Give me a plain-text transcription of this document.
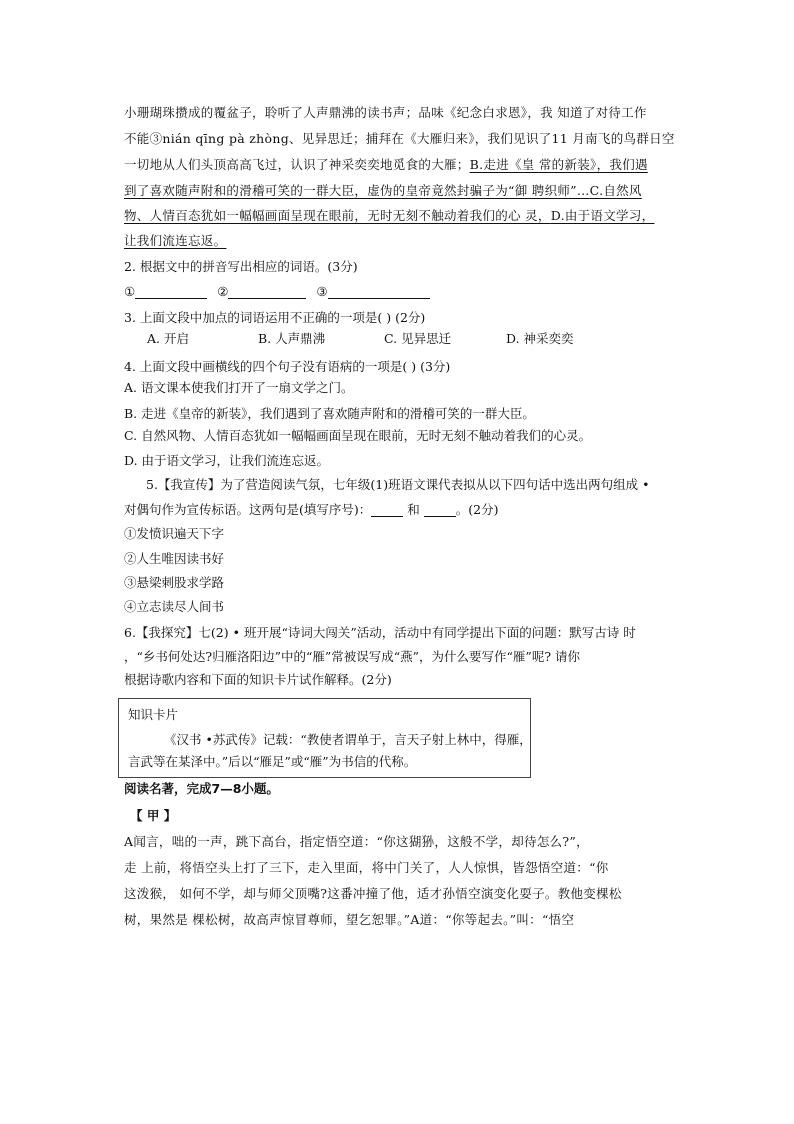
小珊瑚珠攒成的覆盆子，聆听了人声鼎沸的读书声；品味《纪念白求恩》，我 知道了对待工作
不能③nián qīng pà zhòng、见异思迁；捕拜在《大雁归来》，我们见识了11 月南飞的鸟群日空
一切地从人们头顶高高飞过，认识了神采奕奕地觅食的大雁；B.走进《皇 常的新装》，我们遇
到了喜欢随声附和的滑稽可笑的一群大臣，虚伪的皇帝竟然封骗子为“御 聘织师”…C.自然风
物、人情百态犹如一幅幅画面呈现在眼前，无时无刻不触动着我们的心 灵，D.由于语文学习，
让我们流连忘返。
2. 根据文中的拼音写出相应的词语。(3分)
①	②	③
3. 上面文段中加点的词语运用不正确的一项是( ) (2分)
A. 开启	B. 人声鼎沸	C. 见异思迁	D. 神采奕奕
4. 上面文段中画横线的四个句子没有语病的一项是( ) (3分)
A. 语文课本使我们打开了一扇文学之门。
B. 走进《皇帝的新装》，我们遇到了喜欢随声附和的滑稽可笑的一群大臣。
C. 自然风物、人情百态犹如一幅幅画面呈现在眼前，无时无刻不触动着我们的心灵。
D. 由于语文学习，让我们流连忘返。
5.【我宣传】为了营造阅读气氛，七年级(1)班语文课代表拟从以下四句话中选出两句组成 •
对偶句作为宣传标语。这两句是(填写序号)：	和	。(2分)
①发愤识遍天下字
②人生唯因读书好
③悬梁刺股求学路
④立志读尽人间书
6.【我探究】七(2) • 班开展“诗词大闯关”活动，活动中有同学提出下面的问题：默写古诗 时
，“乡书何处达?归雁洛阳边”中的“雁”常被误写成“燕”，为什么要写作“雁”呢? 请你
根据诗歌内容和下面的知识卡片试作解释。(2分)
知识卡片
《汉书 •苏武传》记载：“教使者谓单于，言天子射上林中，得雁，
言武等在某泽中。”后以“雁足”或“雁”为书信的代称。
阅读名著，完成7—8小题。
【 甲 】
A闻言，咄的一声，跳下高台，指定悟空道：“你这猢狲，这般不学，却待怎么?”，
走 上前，将悟空头上打了三下，走入里面，将中门关了，人人惊惧，皆怨悟空道：“你
这泼猴， 如何不学，却与师父顶嘴?这番冲撞了他，适才孙悟空演变化耍子。教他变棵松
树，果然是 棵松树，故高声惊冒尊师，望乞恕罪。”A道：“你等起去。”叫：“悟空
